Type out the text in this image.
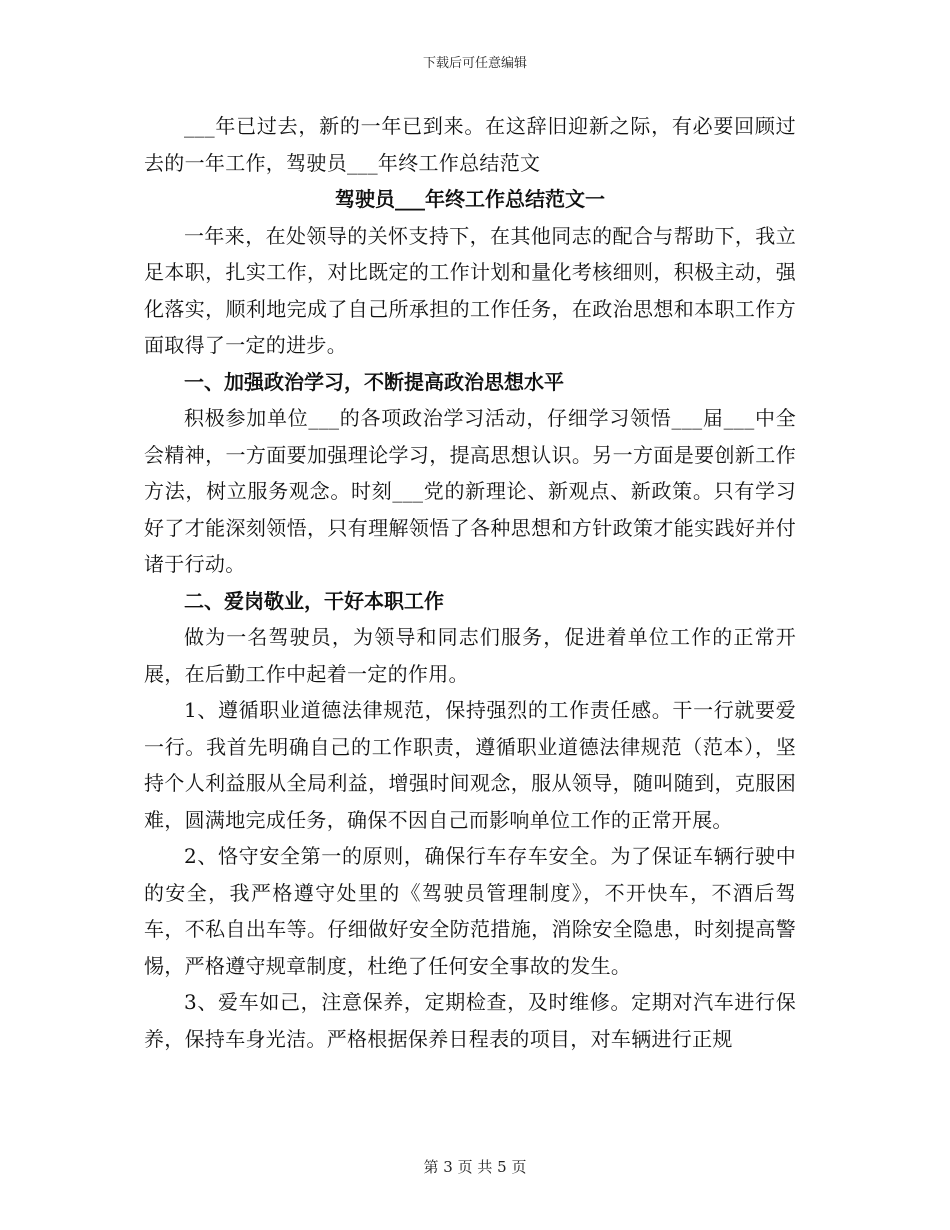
下载后可任意编辑

___年已过去，新的一年已到来。在这辞旧迎新之际，有必要回顾过去的一年工作，驾驶员___年终工作总结范文

驾驶员___年终工作总结范文一

一年来，在处领导的关怀支持下，在其他同志的配合与帮助下，我立足本职，扎实工作，对比既定的工作计划和量化考核细则，积极主动，强化落实，顺利地完成了自己所承担的工作任务，在政治思想和本职工作方面取得了一定的进步。

一、加强政治学习，不断提高政治思想水平

积极参加单位___的各项政治学习活动，仔细学习领悟___届___中全会精神，一方面要加强理论学习，提高思想认识。另一方面是要创新工作方法，树立服务观念。时刻___党的新理论、新观点、新政策。只有学习好了才能深刻领悟，只有理解领悟了各种思想和方针政策才能实践好并付诸于行动。

二、爱岗敬业，干好本职工作

做为一名驾驶员，为领导和同志们服务，促进着单位工作的正常开展，在后勤工作中起着一定的作用。

1、遵循职业道德法律规范，保持强烈的工作责任感。干一行就要爱一行。我首先明确自己的工作职责，遵循职业道德法律规范（范本），坚持个人利益服从全局利益，增强时间观念，服从领导，随叫随到，克服困难，圆满地完成任务，确保不因自己而影响单位工作的正常开展。

2、恪守安全第一的原则，确保行车存车安全。为了保证车辆行驶中的安全，我严格遵守处里的《驾驶员管理制度》，不开快车，不酒后驾车，不私自出车等。仔细做好安全防范措施，消除安全隐患，时刻提高警惕，严格遵守规章制度，杜绝了任何安全事故的发生。

3、爱车如己，注意保养，定期检查，及时维修。定期对汽车进行保养，保持车身光洁。严格根据保养日程表的项目，对车辆进行正规

第 3 页 共 5 页
